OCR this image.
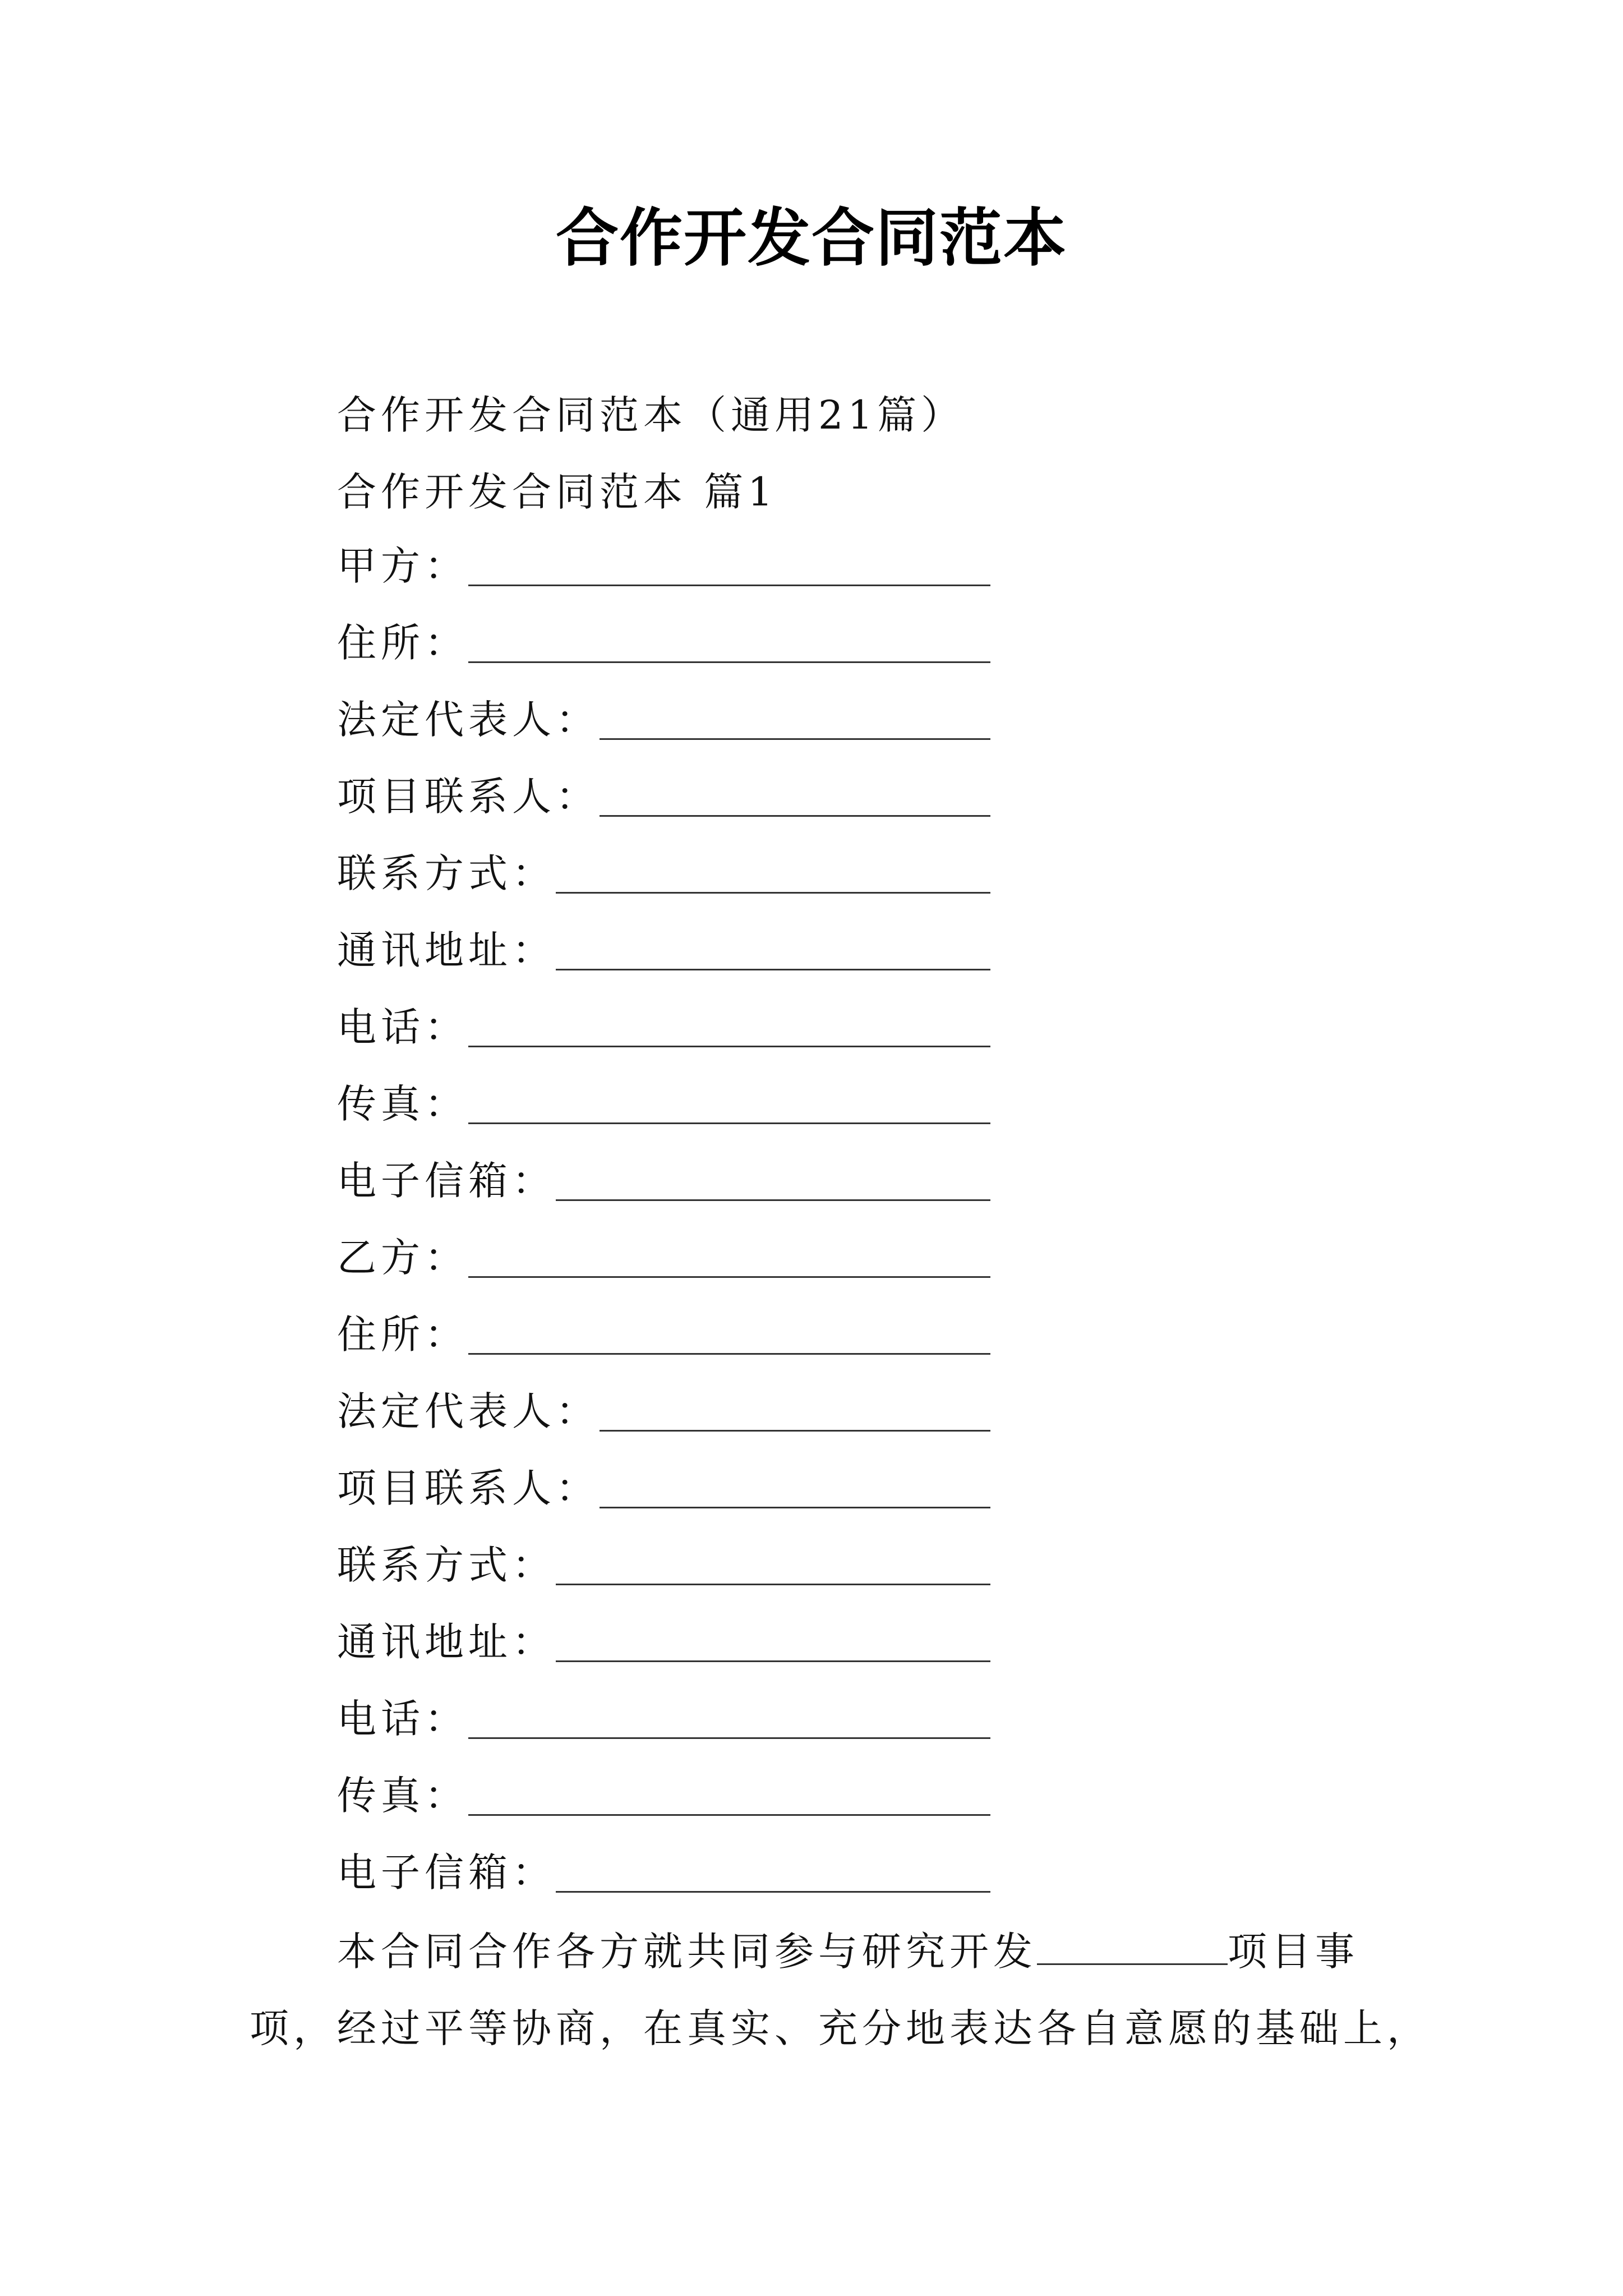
合作开发合同范本
合作开发合同范本（通用21篇）
合作开发合同范本 篇1
甲方：
住所：
法定代表人：
项目联系人：
联系方式：
通讯地址：
电话：
传真：
电子信箱：
乙方：
住所：
法定代表人：
项目联系人：
联系方式：
通讯地址：
电话：
传真：
电子信箱：
本合同合作各方就共同参与研究开发	项目事
项，经过平等协商，在真实、充分地表达各自意愿的基础上，
